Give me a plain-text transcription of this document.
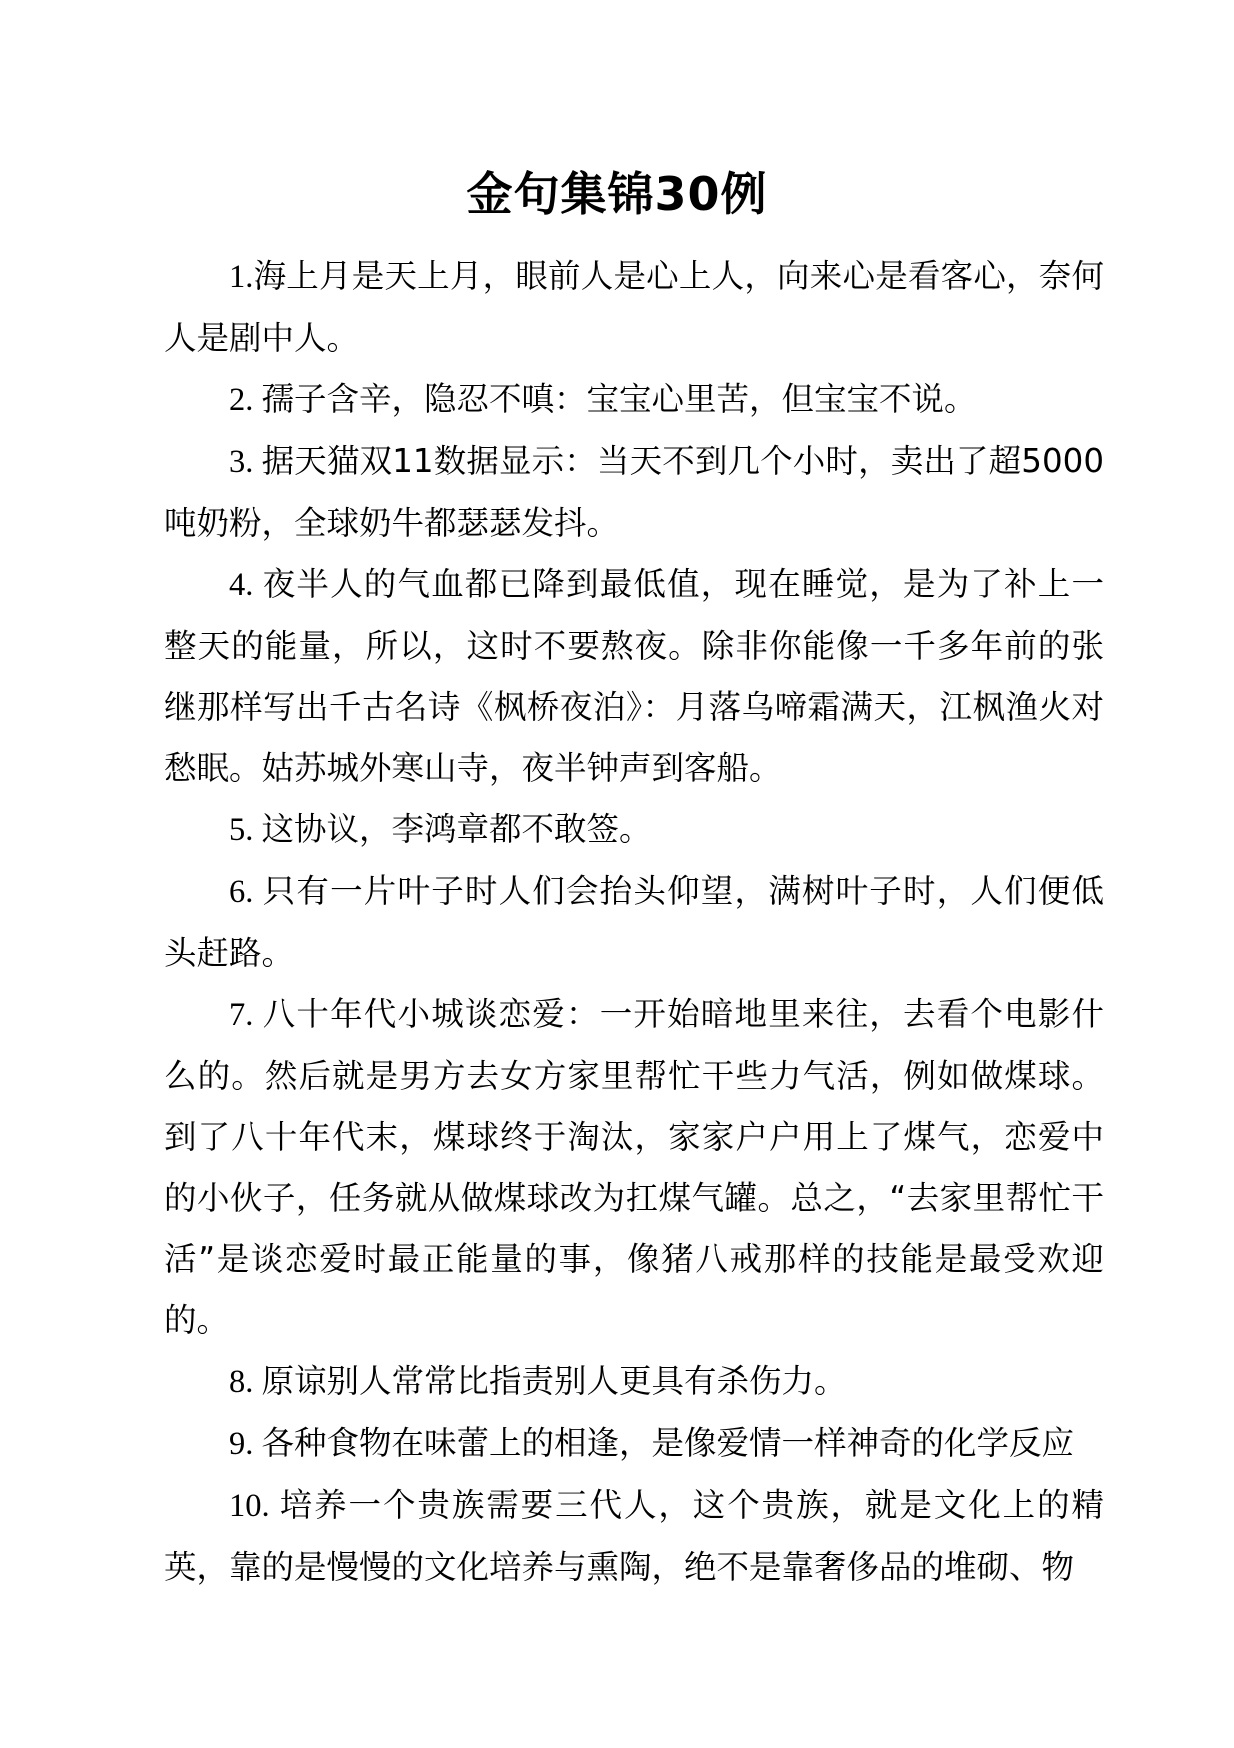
金句集锦30例

1.海上月是天上月，眼前人是心上人，向来心是看客心，奈何人是剧中人。

2. 孺子含辛，隐忍不嗔：宝宝心里苦，但宝宝不说。

3. 据天猫双11数据显示：当天不到几个小时，卖出了超5000吨奶粉，全球奶牛都瑟瑟发抖。

4. 夜半人的气血都已降到最低值，现在睡觉，是为了补上一整天的能量，所以，这时不要熬夜。除非你能像一千多年前的张继那样写出千古名诗《枫桥夜泊》：月落乌啼霜满天，江枫渔火对愁眠。姑苏城外寒山寺，夜半钟声到客船。

5. 这协议，李鸿章都不敢签。

6. 只有一片叶子时人们会抬头仰望，满树叶子时，人们便低头赶路。

7. 八十年代小城谈恋爱：一开始暗地里来往，去看个电影什么的。然后就是男方去女方家里帮忙干些力气活，例如做煤球。到了八十年代末，煤球终于淘汰，家家户户用上了煤气，恋爱中的小伙子，任务就从做煤球改为扛煤气罐。总之，“去家里帮忙干活”是谈恋爱时最正能量的事，像猪八戒那样的技能是最受欢迎的。

8. 原谅别人常常比指责别人更具有杀伤力。

9. 各种食物在味蕾上的相逢，是像爱情一样神奇的化学反应

10. 培养一个贵族需要三代人，这个贵族，就是文化上的精英，靠的是慢慢的文化培养与熏陶，绝不是靠奢侈品的堆砌、物
